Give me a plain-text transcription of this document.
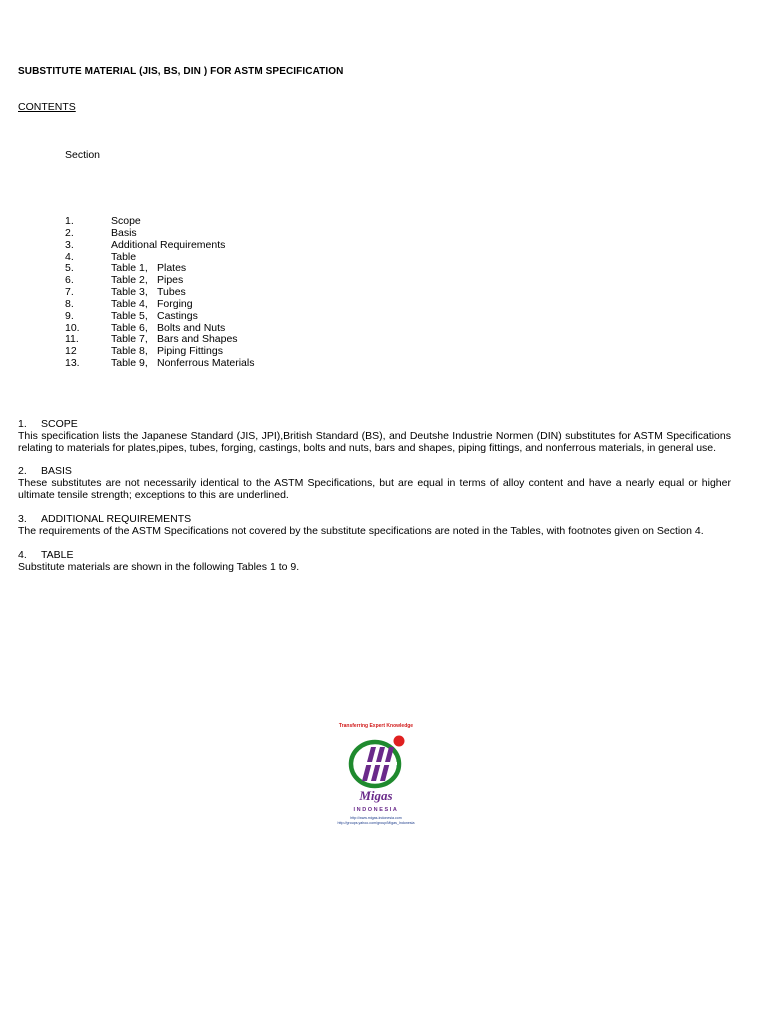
SUBSTITUTE MATERIAL (JIS, BS, DIN ) FOR ASTM SPECIFICATION
CONTENTS
Section
1.	Scope
2.	Basis
3.	Additional Requirements
4.	Table
5.	Table 1, Plates
6.	Table 2, Pipes
7.	Table 3, Tubes
8.	Table 4, Forging
9.	Table 5, Castings
10.	Table 6, Bolts and Nuts
11.	Table 7, Bars and Shapes
12	Table 8, Piping Fittings
13.	Table 9, Nonferrous Materials
1.	SCOPE
This specification lists the Japanese Standard (JIS, JPI),British Standard (BS), and Deutshe Industrie Normen (DIN) substitutes for ASTM Specifications relating to materials for plates,pipes, tubes, forging, castings, bolts and nuts, bars and shapes, piping fittings, and nonferrous materials, in general use.
2.	BASIS
These substitutes are not necessarily identical to the ASTM Specifications, but are equal in terms of alloy content and have a nearly equal or higher ultimate tensile strength; exceptions to this are underlined.
3.	ADDITIONAL REQUIREMENTS
The requirements of the ASTM Specifications not covered by the substitute specifications are noted in the Tables, with footnotes given on Section 4.
4.	TABLE
Substitute materials are shown in the following Tables 1 to 9.
Transferring Expert Knowledge
Migas
INDONESIA
http://www.migas-indonesia.com
http://groups.yahoo.com/group/Migas_Indonesia
